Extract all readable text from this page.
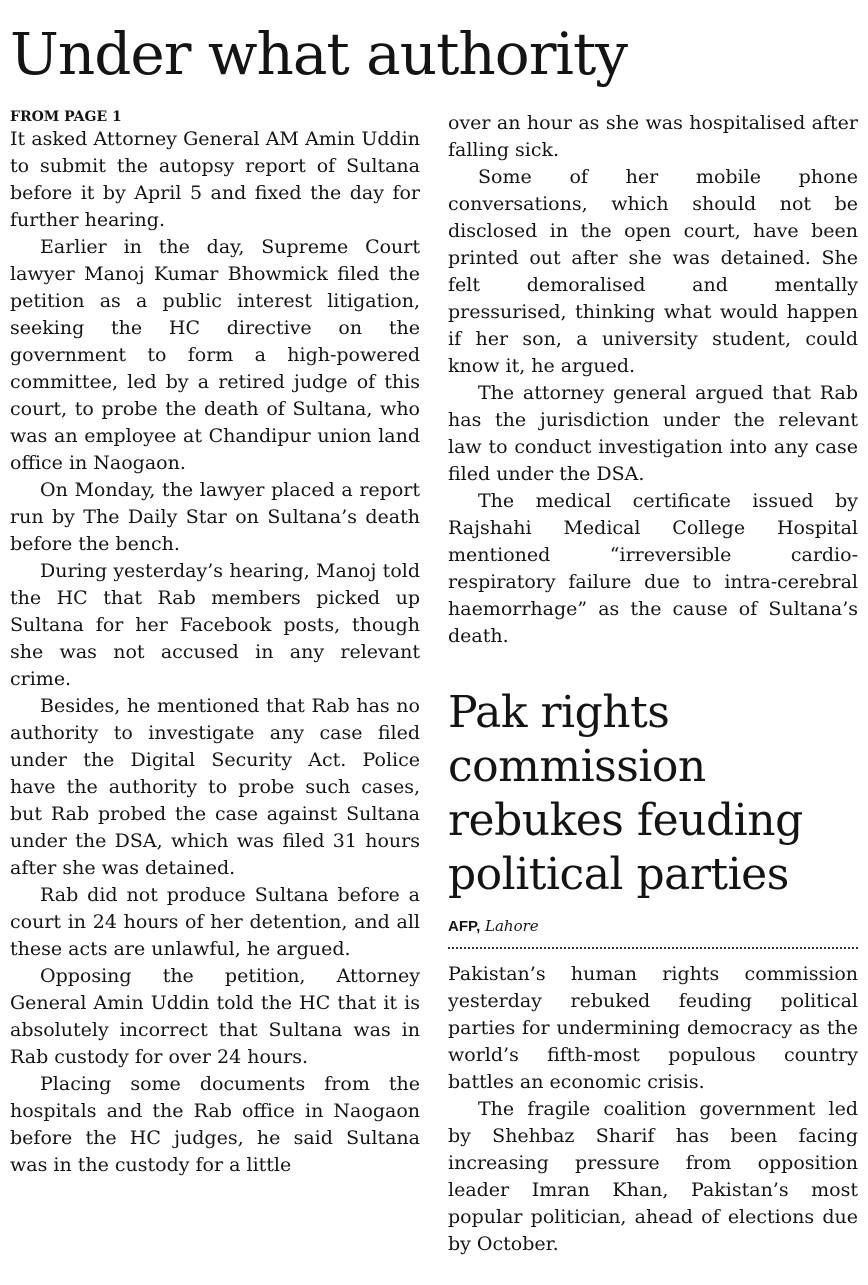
Under what authority

FROM PAGE 1

It asked Attorney General AM Amin Uddin to submit the autopsy report of Sultana before it by April 5 and fixed the day for further hearing.

Earlier in the day, Supreme Court lawyer Manoj Kumar Bhowmick filed the petition as a public interest litigation, seeking the HC directive on the government to form a high-powered committee, led by a retired judge of this court, to probe the death of Sultana, who was an employee at Chandipur union land office in Naogaon.

On Monday, the lawyer placed a report run by The Daily Star on Sultana’s death before the bench.

During yesterday’s hearing, Manoj told the HC that Rab members picked up Sultana for her Facebook posts, though she was not accused in any relevant crime.

Besides, he mentioned that Rab has no authority to investigate any case filed under the Digital Security Act. Police have the authority to probe such cases, but Rab probed the case against Sultana under the DSA, which was filed 31 hours after she was detained.

Rab did not produce Sultana before a court in 24 hours of her detention, and all these acts are unlawful, he argued.

Opposing the petition, Attorney General Amin Uddin told the HC that it is absolutely incorrect that Sultana was in Rab custody for over 24 hours.

Placing some documents from the hospitals and the Rab office in Naogaon before the HC judges, he said Sultana was in the custody for a little

over an hour as she was hospitalised after falling sick.

Some of her mobile phone conversations, which should not be disclosed in the open court, have been printed out after she was detained. She felt demoralised and mentally pressurised, thinking what would happen if her son, a university student, could know it, he argued.

The attorney general argued that Rab has the jurisdiction under the relevant law to conduct investigation into any case filed under the DSA.

The medical certificate issued by Rajshahi Medical College Hospital mentioned “irreversible cardio-respiratory failure due to intra-cerebral haemorrhage” as the cause of Sultana’s death.

Pak rights commission rebukes feuding political parties

AFP, Lahore

Pakistan’s human rights commission yesterday rebuked feuding political parties for undermining democracy as the world’s fifth-most populous country battles an economic crisis.

The fragile coalition government led by Shehbaz Sharif has been facing increasing pressure from opposition leader Imran Khan, Pakistan’s most popular politician, ahead of elections due by October.
